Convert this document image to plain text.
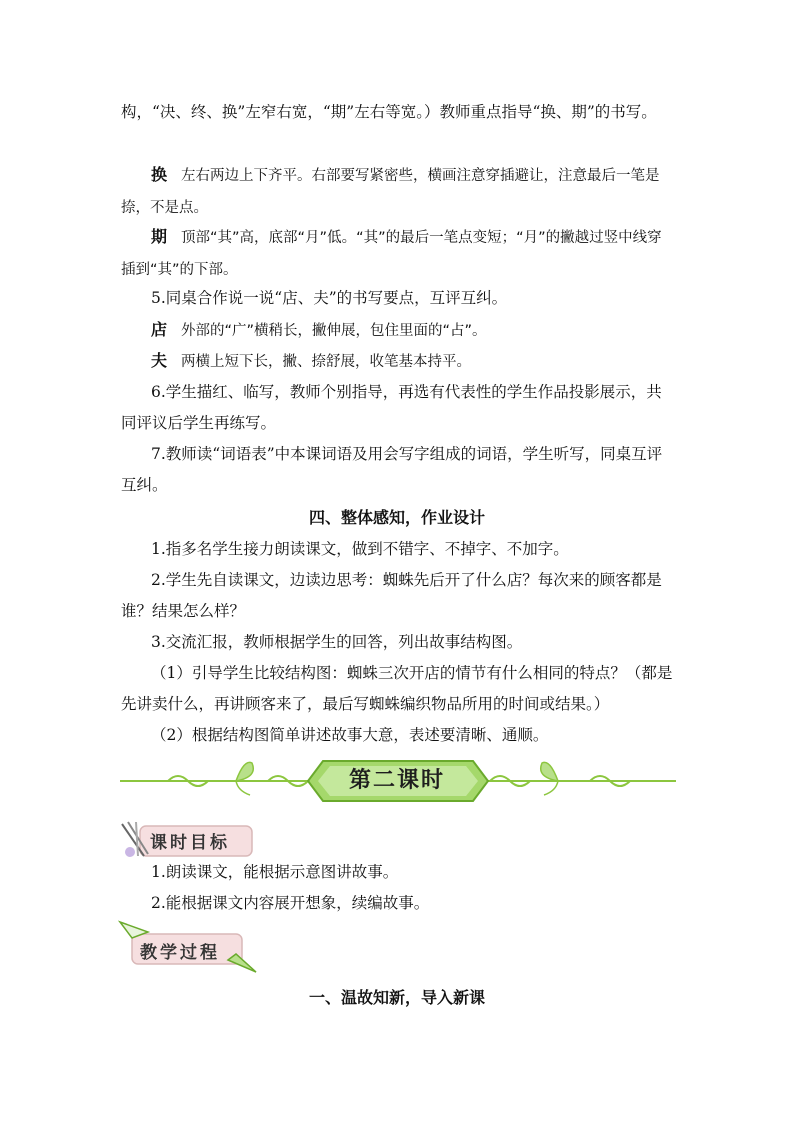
构，“决、终、换”左窄右宽，“期”左右等宽。）教师重点指导“换、期”的书写。

换 左右两边上下齐平。右部要写紧密些，横画注意穿插避让，注意最后一笔是捺，不是点。

期 顶部“其”高，底部“月”低。“其”的最后一笔点变短；“月”的撇越过竖中线穿插到“其”的下部。

5.同桌合作说一说“店、夫”的书写要点，互评互纠。

店 外部的“广”横稍长，撇伸展，包住里面的“占”。

夫 两横上短下长，撇、捺舒展，收笔基本持平。

6.学生描红、临写，教师个别指导，再选有代表性的学生作品投影展示，共同评议后学生再练写。

7.教师读“词语表”中本课词语及用会写字组成的词语，学生听写，同桌互评互纠。

四、整体感知，作业设计

1.指多名学生接力朗读课文，做到不错字、不掉字、不加字。

2.学生先自读课文，边读边思考：蜘蛛先后开了什么店？每次来的顾客都是谁？结果怎么样？

3.交流汇报，教师根据学生的回答，列出故事结构图。

（1）引导学生比较结构图：蜘蛛三次开店的情节有什么相同的特点？（都是先讲卖什么，再讲顾客来了，最后写蜘蛛编织物品所用的时间或结果。）

（2）根据结构图简单讲述故事大意，表述要清晰、通顺。

第二课时
课时目标

1.朗读课文，能根据示意图讲故事。

2.能根据课文内容展开想象，续编故事。

教学过程

一、温故知新，导入新课
